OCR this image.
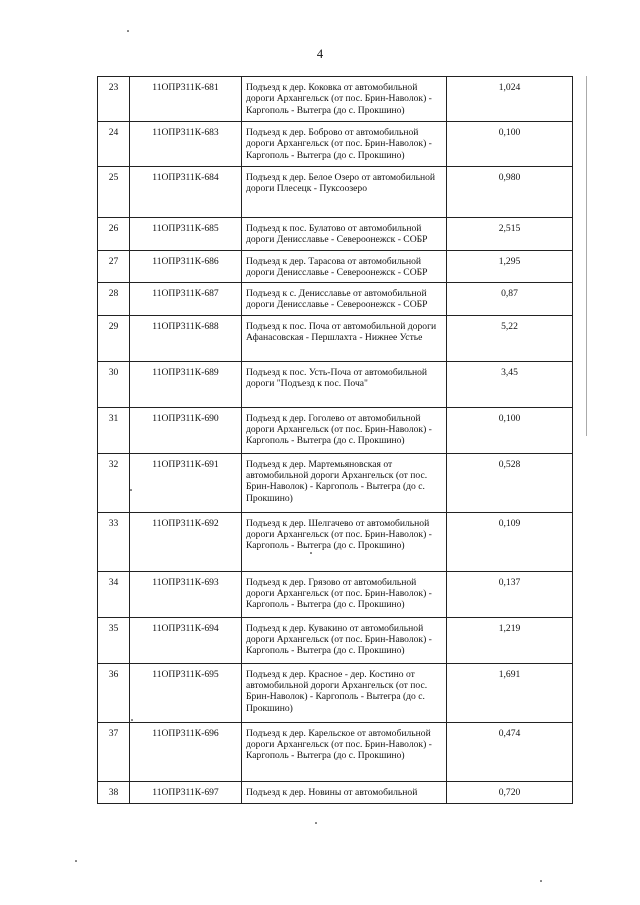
4
23	11ОПР311К-681	Подъезд к дер. Коковка от автомобильной дороги Архангельск (от пос. Брин-Наволок) - Каргополь - Вытегра (до с. Прокшино)	1,024
24	11ОПР311К-683	Подъезд к дер. Боброво от автомобильной дороги Архангельск (от пос. Брин-Наволок) - Каргополь - Вытегра (до с. Прокшино)	0,100
25	11ОПР311К-684	Подъезд к дер. Белое Озеро от автомобильной дороги Плесецк - Пуксоозеро	0,980
26	11ОПР311К-685	Подъезд к пос. Булатово от автомобильной дороги Денисславье - Североонежск - СОБР	2,515
27	11ОПР311К-686	Подъезд к дер. Тарасова от автомобильной дороги Денисславье - Североонежск - СОБР	1,295
28	11ОПР311К-687	Подъезд к с. Денисславье от автомобильной дороги Денисславье - Североонежск - СОБР	0,87
29	11ОПР311К-688	Подъезд к пос. Поча от автомобильной дороги Афанасовская - Першлахта - Нижнее Устье	5,22
30	11ОПР311К-689	Подъезд к пос. Усть-Поча от автомобильной дороги "Подъезд к пос. Поча"	3,45
31	11ОПР311К-690	Подъезд к дер. Гоголево от автомобильной дороги Архангельск (от пос. Брин-Наволок) - Каргополь - Вытегра (до с. Прокшино)	0,100
32	11ОПР311К-691	Подъезд к дер. Мартемьяновская от автомобильной дороги Архангельск (от пос. Брин-Наволок) - Каргополь - Вытегра (до с. Прокшино)	0,528
33	11ОПР311К-692	Подъезд к дер. Шелгачево от автомобильной дороги Архангельск (от пос. Брин-Наволок) - Каргополь - Вытегра (до с. Прокшино)	0,109
34	11ОПР311К-693	Подъезд к дер. Грязово от автомобильной дороги Архангельск (от пос. Брин-Наволок) - Каргополь - Вытегра (до с. Прокшино)	0,137
35	11ОПР311К-694	Подъезд к дер. Кувакино от автомобильной дороги Архангельск (от пос. Брин-Наволок) - Каргополь - Вытегра (до с. Прокшино)	1,219
36	11ОПР311К-695	Подъезд к дер. Красное - дер. Костино от автомобильной дороги Архангельск (от пос. Брин-Наволок) - Каргополь - Вытегра (до с. Прокшино)	1,691
37	11ОПР311К-696	Подъезд к дер. Карельское от автомобильной дороги Архангельск (от пос. Брин-Наволок) - Каргополь - Вытегра (до с. Прокшино)	0,474
38	11ОПР311К-697	Подъезд к дер. Новины от автомобильной	0,720
